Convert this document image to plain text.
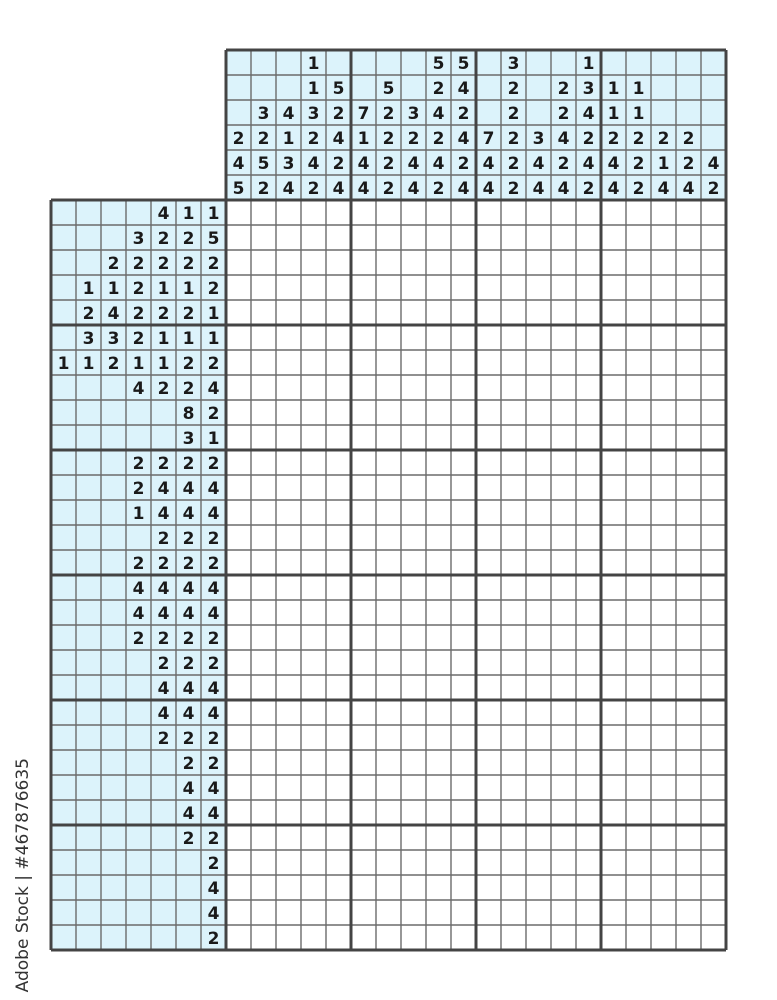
2
4
5
3
2
5
2
4
1
3
4
1
1
3
2
4
2
5
2
4
2
4
7
1
4
4
5
2
2
2
2
3
2
4
4
5
2
4
2
4
2
5
4
2
4
2
4
7
4
4
3
2
2
2
2
2
3
4
4
2
2
4
2
4
1
3
4
2
4
2
1
1
2
4
4
1
1
2
2
2
2
1
4
2
2
4
4
2
4 1 1
3 2 2 5
2 2 2 2 2
1 1 2 1 1 2
2 4 2 2 2 1
3 3 2 1 1 1
1 1 2 1 1 2 2
4 2 2 4
8 2
3 1
2 2 2 2
2 4 4 4
1 4 4 4
2 2 2
2 2 2 2
4 4 4 4
4 4 4 4
2 2 2 2
2 2 2
4 4 4
4 4 4
2 2 2
2 2
4 4
4 4
2 2
2
4
4
2
Adobe Stock | #467876635
